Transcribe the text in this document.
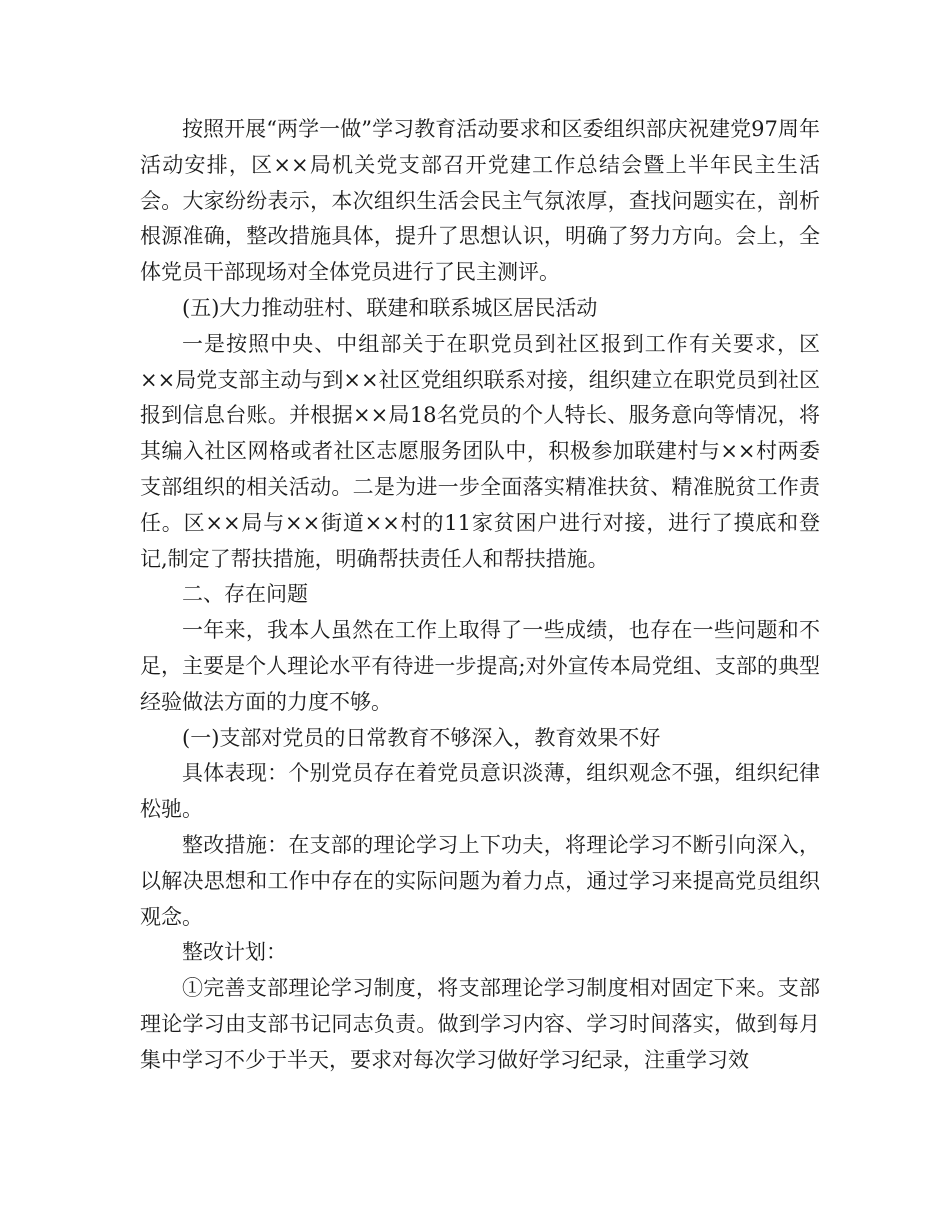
按照开展“两学一做”学习教育活动要求和区委组织部庆祝建党97周年活动安排，区××局机关党支部召开党建工作总结会暨上半年民主生活会。大家纷纷表示，本次组织生活会民主气氛浓厚，查找问题实在，剖析根源准确，整改措施具体，提升了思想认识，明确了努力方向。会上，全体党员干部现场对全体党员进行了民主测评。

(五)大力推动驻村、联建和联系城区居民活动

一是按照中央、中组部关于在职党员到社区报到工作有关要求，区××局党支部主动与到××社区党组织联系对接，组织建立在职党员到社区报到信息台账。并根据××局18名党员的个人特长、服务意向等情况，将其编入社区网格或者社区志愿服务团队中，积极参加联建村与××村两委支部组织的相关活动。二是为进一步全面落实精准扶贫、精准脱贫工作责任。区××局与××街道××村的11家贫困户进行对接，进行了摸底和登记,制定了帮扶措施，明确帮扶责任人和帮扶措施。

二、存在问题

一年来，我本人虽然在工作上取得了一些成绩，也存在一些问题和不足，主要是个人理论水平有待进一步提高;对外宣传本局党组、支部的典型经验做法方面的力度不够。

(一)支部对党员的日常教育不够深入，教育效果不好

具体表现：个别党员存在着党员意识淡薄，组织观念不强，组织纪律松驰。

整改措施：在支部的理论学习上下功夫，将理论学习不断引向深入，以解决思想和工作中存在的实际问题为着力点，通过学习来提高党员组织观念。

整改计划：

①完善支部理论学习制度，将支部理论学习制度相对固定下来。支部理论学习由支部书记同志负责。做到学习内容、学习时间落实，做到每月集中学习不少于半天，要求对每次学习做好学习纪录，注重学习效
